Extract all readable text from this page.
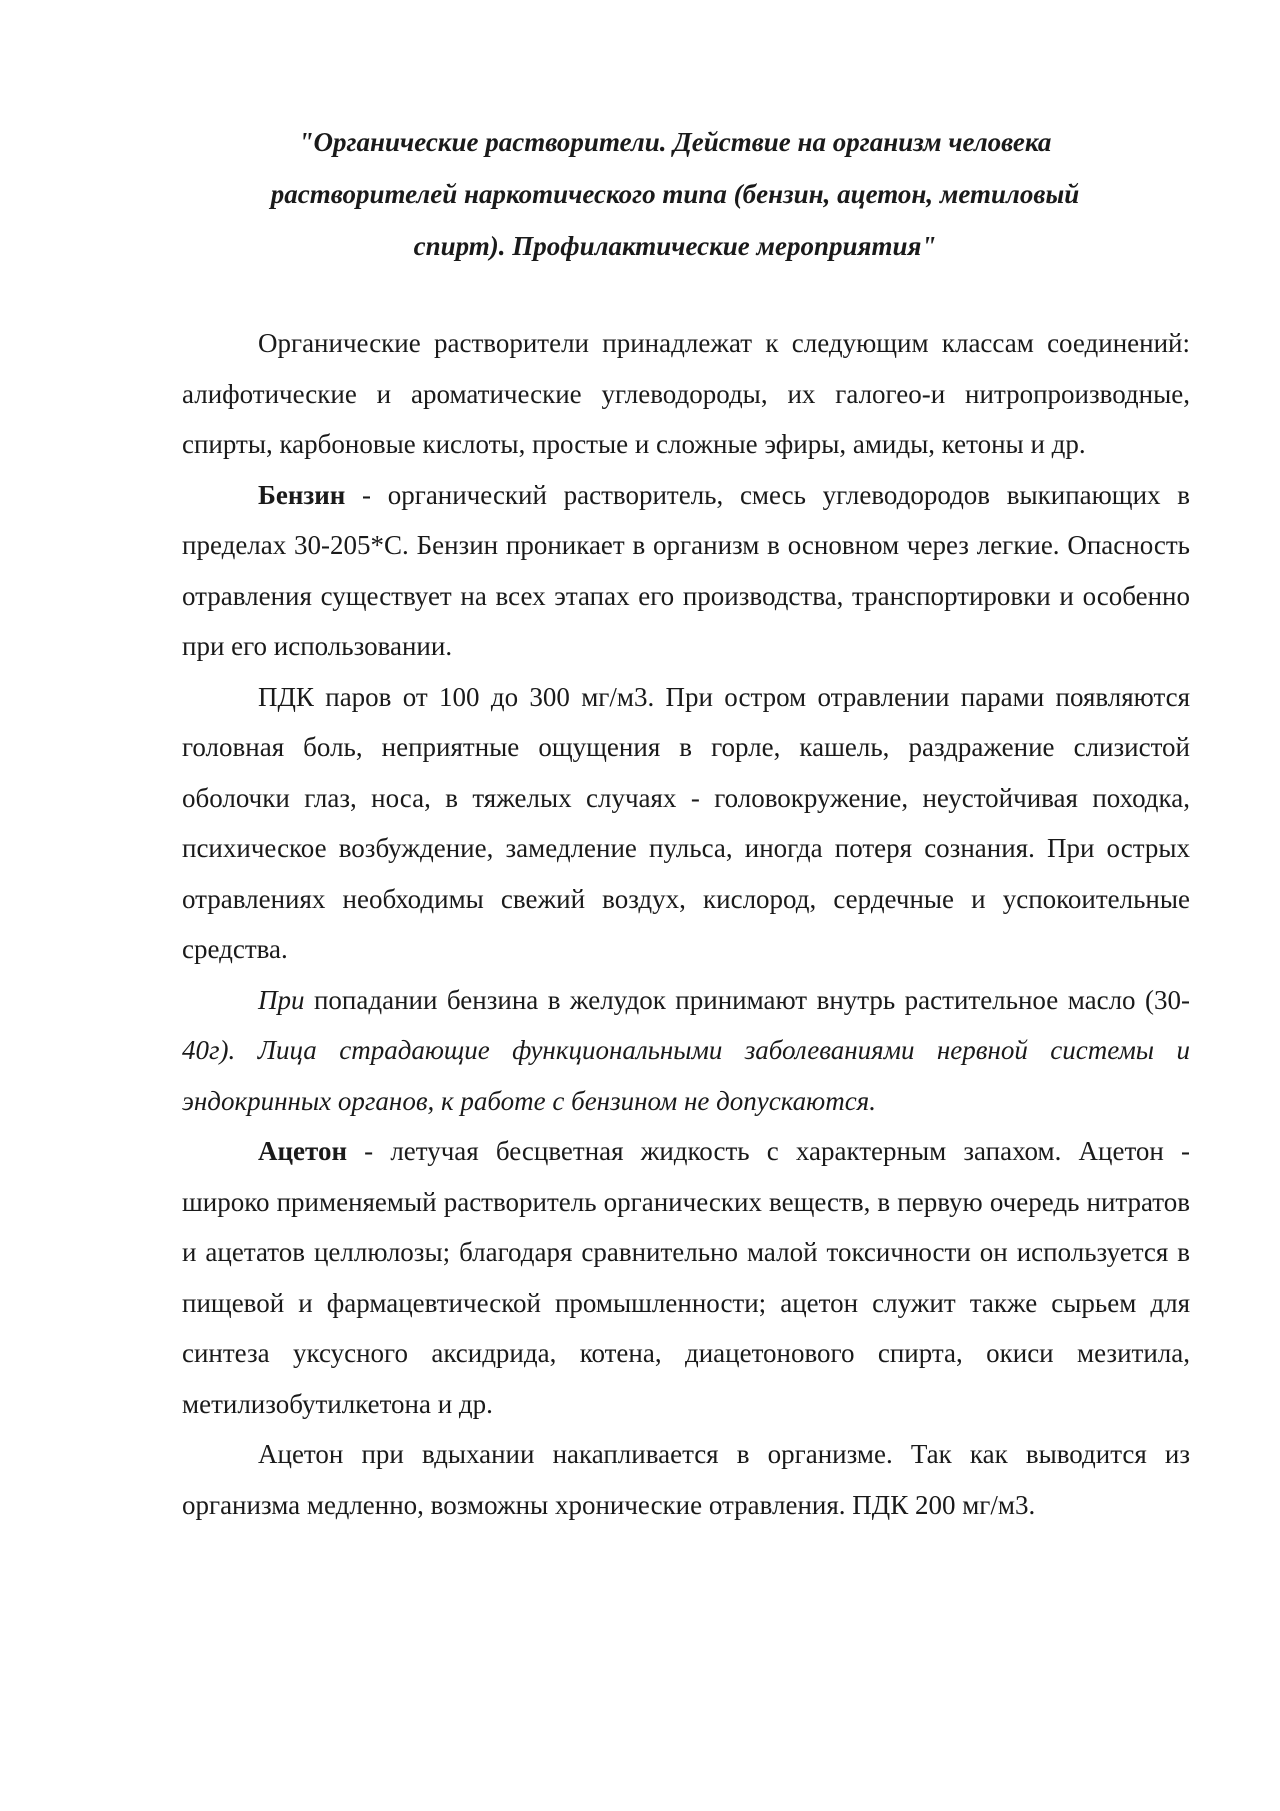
"Органические растворители. Действие на организм человека растворителей наркотического типа (бензин, ацетон, метиловый спирт). Профилактические мероприятия"

Органические растворители принадлежат к следующим классам соединений: алифотические и ароматические углеводороды, их галогео-и нитропроизводные, спирты, карбоновые кислоты, простые и сложные эфиры, амиды, кетоны и др.

Бензин - органический растворитель, смесь углеводородов выкипающих в пределах 30-205*С. Бензин проникает в организм в основном через легкие. Опасность отравления существует на всех этапах его производства, транспортировки и особенно при его использовании.

ПДК паров от 100 до 300 мг/м3. При остром отравлении парами появляются головная боль, неприятные ощущения в горле, кашель, раздражение слизистой оболочки глаз, носа, в тяжелых случаях - головокружение, неустойчивая походка, психическое возбуждение, замедление пульса, иногда потеря сознания. При острых отравлениях необходимы свежий воздух, кислород, сердечные и успокоительные средства.

При попадании бензина в желудок принимают внутрь растительное масло (30-40г). Лица страдающие функциональными заболеваниями нервной системы и эндокринных органов, к работе с бензином не допускаются.

Ацетон - летучая бесцветная жидкость с характерным запахом. Ацетон - широко применяемый растворитель органических веществ, в первую очередь нитратов и ацетатов целлюлозы; благодаря сравнительно малой токсичности он используется в пищевой и фармацевтической промышленности; ацетон служит также сырьем для синтеза уксусного аксидрида, котена, диацетонового спирта, окиси мезитила, метилизобутилкетона и др.

Ацетон при вдыхании накапливается в организме. Так как выводится из организма медленно, возможны хронические отравления. ПДК 200 мг/м3.
